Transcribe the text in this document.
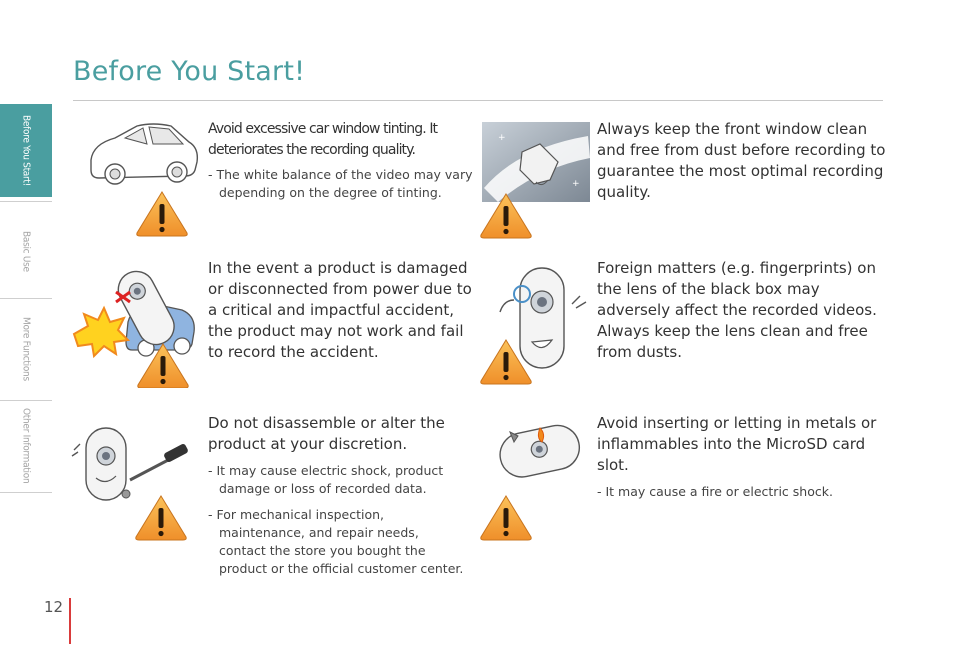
Before You Start!
Before You Start!
Basic Use
More Functions
Other Information

Avoid excessive car window tinting. It deteriorates the recording quality.

- The white balance of the video may vary depending on the degree of tinting.
+
+

Always keep the front window clean and free from dust before recording to guarantee the most optimal recording quality.

In the event a product is damaged or disconnected from power due to a critical and impactful accident, the product may not work and fail to record the accident.

Foreign matters (e.g. fingerprints) on the lens of the black box may adversely affect the recorded videos. Always keep the lens clean and free from dusts.

Do not disassemble or alter the product at your discretion.

- It may cause electric shock, product damage or loss of recorded data.
- For mechanical inspection, maintenance, and repair needs, contact the store you bought the product or the official customer center.

Avoid inserting or letting in metals or inflammables into the MicroSD card slot.

- It may cause a fire or electric shock.
12
